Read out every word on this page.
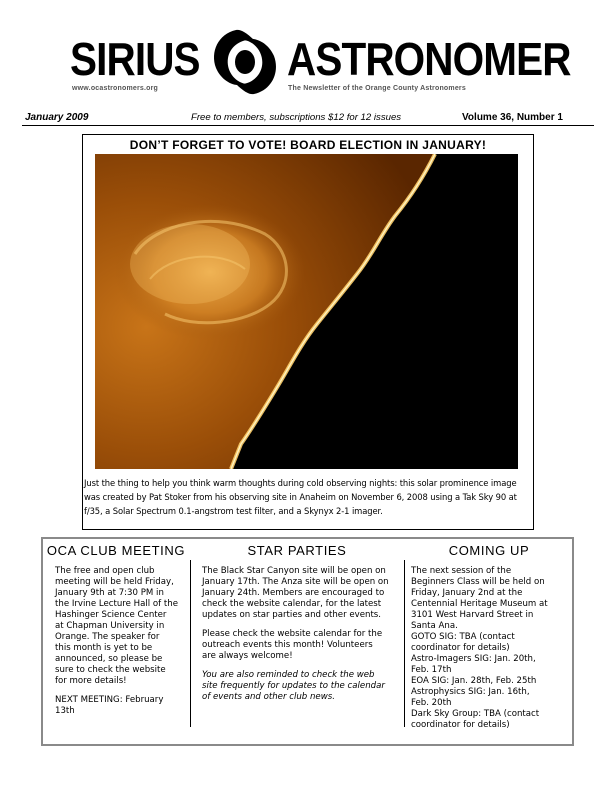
SIRIUS ASTRONOMER
www.ocastronomers.org	The Newsletter of the Orange County Astronomers
January 2009	Free to members, subscriptions $12 for 12 issues	Volume 36, Number 1
DON’T FORGET TO VOTE! BOARD ELECTION IN JANUARY!
Just the thing to help you think warm thoughts during cold observing nights: this solar prominence image
was created by Pat Stoker from his observing site in Anaheim on November 6, 2008 using a Tak Sky 90 at
f/35, a Solar Spectrum 0.1-angstrom test filter, and a Skynyx 2-1 imager.
OCA CLUB MEETING
The free and open club
meeting will be held Friday,
January 9th at 7:30 PM in
the Irvine Lecture Hall of the
Hashinger Science Center
at Chapman University in
Orange. The speaker for
this month is yet to be
announced, so please be
sure to check the website
for more details!
NEXT MEETING: February
13th
STAR PARTIES
The Black Star Canyon site will be open on
January 17th. The Anza site will be open on
January 24th. Members are encouraged to
check the website calendar, for the latest
updates on star parties and other events.
Please check the website calendar for the
outreach events this month! Volunteers
are always welcome!
You are also reminded to check the web
site frequently for updates to the calendar
of events and other club news.
COMING UP
The next session of the
Beginners Class will be held on
Friday, January 2nd at the
Centennial Heritage Museum at
3101 West Harvard Street in
Santa Ana.
GOTO SIG: TBA (contact
coordinator for details)
Astro-Imagers SIG: Jan. 20th,
Feb. 17th
EOA SIG: Jan. 28th, Feb. 25th
Astrophysics SIG: Jan. 16th,
Feb. 20th
Dark Sky Group: TBA (contact
coordinator for details)
